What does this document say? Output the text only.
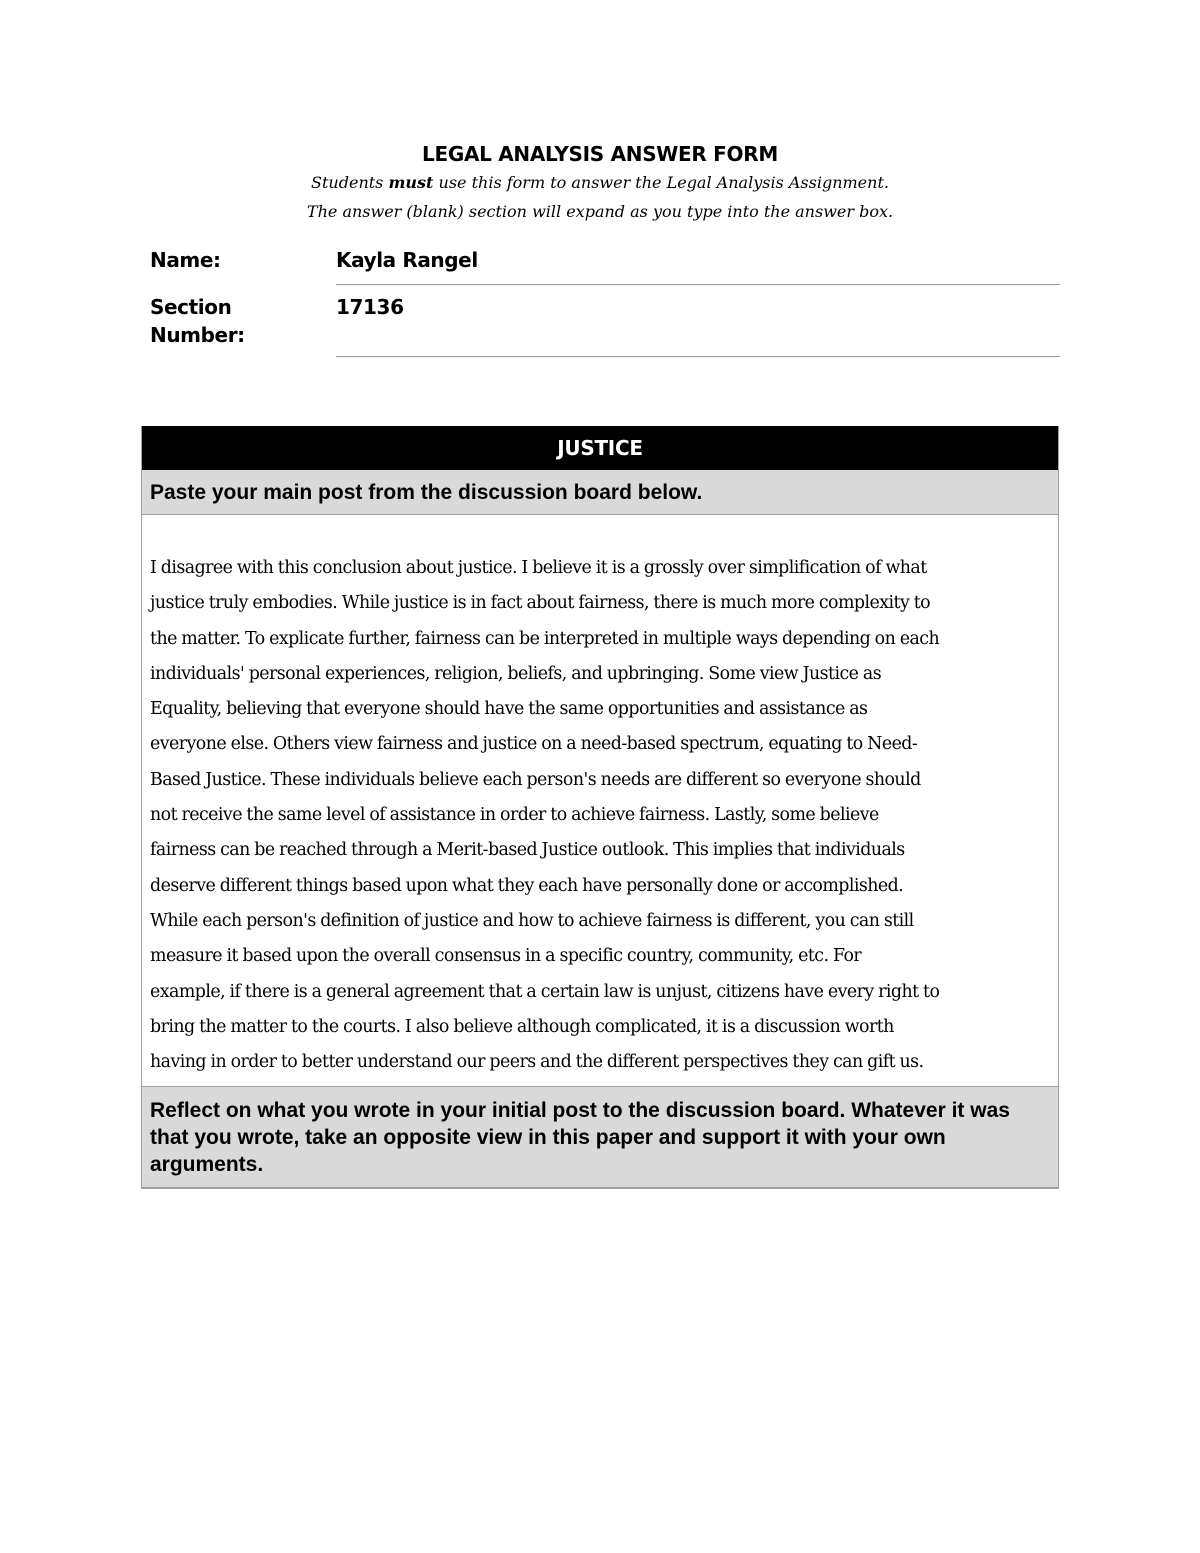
LEGAL ANALYSIS ANSWER FORM

Students must use this form to answer the Legal Analysis Assignment.

The answer (blank) section will expand as you type into the answer box.

Name:	Kayla Rangel
Section
Number:
17136
JUSTICE
Paste your main post from the discussion board below.
I disagree with this conclusion about justice. I believe it is a grossly over simplification of what
justice truly embodies. While justice is in fact about fairness, there is much more complexity to
the matter. To explicate further, fairness can be interpreted in multiple ways depending on each
individuals' personal experiences, religion, beliefs, and upbringing. Some view Justice as
Equality, believing that everyone should have the same opportunities and assistance as
everyone else. Others view fairness and justice on a need-based spectrum, equating to Need-
Based Justice. These individuals believe each person's needs are different so everyone should
not receive the same level of assistance in order to achieve fairness. Lastly, some believe
fairness can be reached through a Merit-based Justice outlook. This implies that individuals
deserve different things based upon what they each have personally done or accomplished.
While each person's definition of justice and how to achieve fairness is different, you can still
measure it based upon the overall consensus in a specific country, community, etc. For
example, if there is a general agreement that a certain law is unjust, citizens have every right to
bring the matter to the courts. I also believe although complicated, it is a discussion worth
having in order to better understand our peers and the different perspectives they can gift us.
Reflect on what you wrote in your initial post to the discussion board. Whatever it was that you wrote, take an opposite view in this paper and support it with your own arguments.
